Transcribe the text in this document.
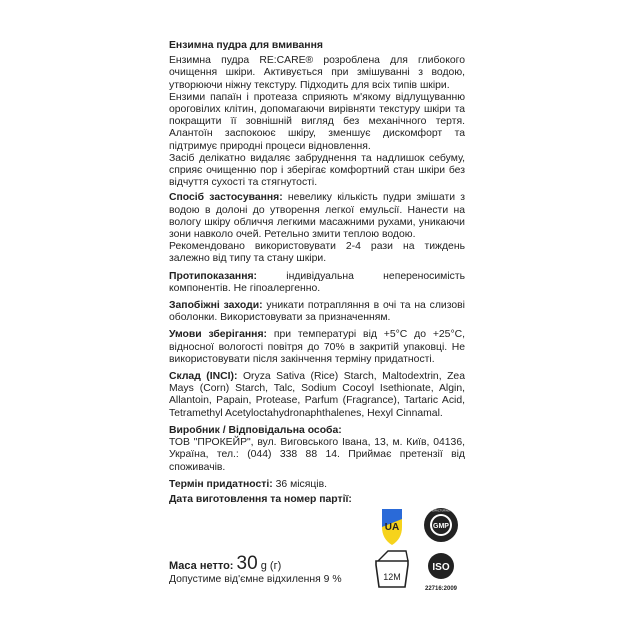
Ензимна пудра для вмивання

Ензимна пудра RE:CARE® розроблена для глибокого очищення шкіри. Активується при змішуванні з водою, утворюючи ніжну текстуру. Підходить для всіх типів шкіри.

Ензими папаїн і протеаза сприяють м'якому відлущуванню ороговілих клітин, допомагаючи вирівняти текстуру шкіри та покращити її зовнішній вигляд без механічного тертя. Алантоїн заспокоює шкіру, зменшує дискомфорт та підтримує природні процеси відновлення.

Засіб делікатно видаляє забруднення та надлишок себуму, сприяє очищенню пор і зберігає комфортний стан шкіри без відчуття сухості та стягнутості.

Спосіб застосування: невелику кількість пудри змішати з водою в долоні до утворення легкої емульсії. Нанести на вологу шкіру обличчя легкими масажними рухами, уникаючи зони навколо очей. Ретельно змити теплою водою.

Рекомендовано використовувати 2-4 рази на тиждень залежно від типу та стану шкіри.

Протипоказання: індивідуальна непереносимість компонентів. Не гіпоалергенно.

Запобіжні заходи: уникати потрапляння в очі та на слизові оболонки. Використовувати за призначенням.

Умови зберігання: при температурі від +5°С до +25°С, відносної вологості повітря до 70% в закритій упаковці. Не використовувати після закінчення терміну придатності.

Склад (INCI): Oryza Sativa (Rice) Starch, Maltodextrin, Zea Mays (Corn) Starch, Talc, Sodium Cocoyl Isethionate, Algin, Allantoin, Papain, Protease, Parfum (Fragrance), Tartaric Acid, Tetramethyl Acetyloctahydronaphthalenes, Hexyl Cinnamal.

Виробник / Відповідальна особа:

ТОВ "ПРОКЕЙР", вул. Виговського Івана, 13, м. Київ, 04136, Україна, тел.: (044) 338 88 14. Приймає претензії від споживачів.

Термін придатності: 36 місяців.

Дата виготовлення та номер партії:

UA
GOOD MANUFACTURING PRACTICE
GMP
12M
ISO
22716:2009
Маса нетто: 30 g (г)
Допустиме від'ємне відхилення 9 %
